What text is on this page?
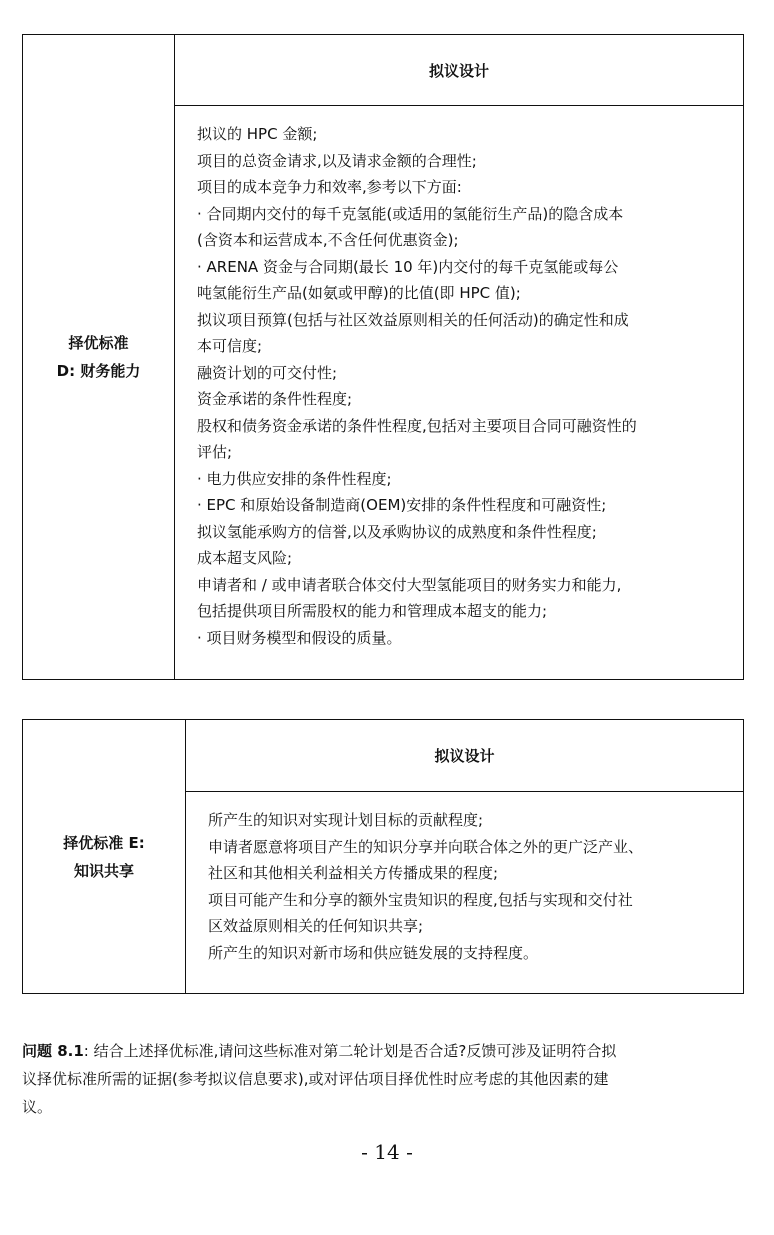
择优标准
D: 财务能力
拟议设计
拟议的 HPC 金额;
项目的总资金请求,以及请求金额的合理性;
项目的成本竞争力和效率,参考以下方面:
· 合同期内交付的每千克氢能(或适用的氢能衍生产品)的隐含成本
(含资本和运营成本,不含任何优惠资金);
· ARENA 资金与合同期(最长 10 年)内交付的每千克氢能或每公
吨氢能衍生产品(如氨或甲醇)的比值(即 HPC 值);
拟议项目预算(包括与社区效益原则相关的任何活动)的确定性和成
本可信度;
融资计划的可交付性;
资金承诺的条件性程度;
股权和债务资金承诺的条件性程度,包括对主要项目合同可融资性的
评估;
· 电力供应安排的条件性程度;
· EPC 和原始设备制造商(OEM)安排的条件性程度和可融资性;
拟议氢能承购方的信誉,以及承购协议的成熟度和条件性程度;
成本超支风险;
申请者和 / 或申请者联合体交付大型氢能项目的财务实力和能力,
包括提供项目所需股权的能力和管理成本超支的能力;
· 项目财务模型和假设的质量。
择优标准 E:
知识共享
拟议设计
所产生的知识对实现计划目标的贡献程度;
申请者愿意将项目产生的知识分享并向联合体之外的更广泛产业、
社区和其他相关利益相关方传播成果的程度;
项目可能产生和分享的额外宝贵知识的程度,包括与实现和交付社
区效益原则相关的任何知识共享;
所产生的知识对新市场和供应链发展的支持程度。
问题 8.1: 结合上述择优标准,请问这些标准对第二轮计划是否合适?反馈可涉及证明符合拟
议择优标准所需的证据(参考拟议信息要求),或对评估项目择优性时应考虑的其他因素的建
议。
- 14 -
